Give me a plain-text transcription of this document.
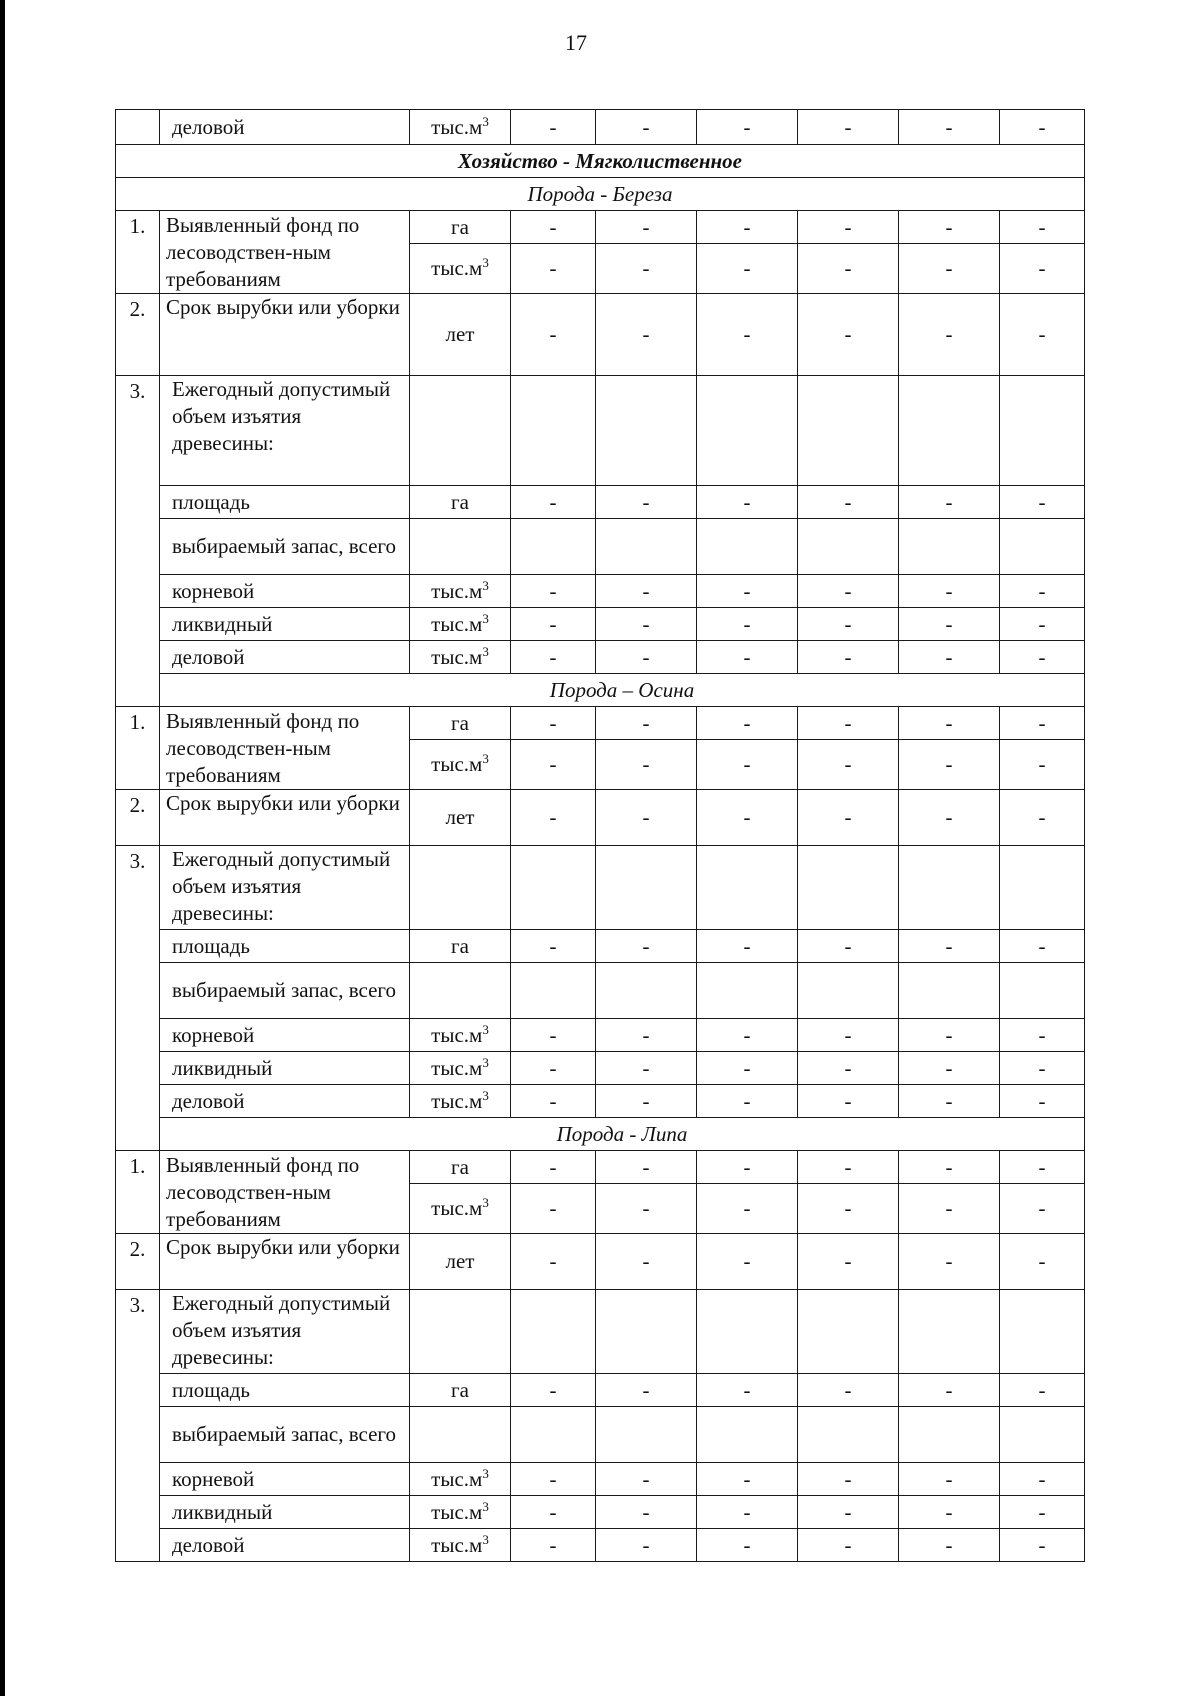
17
	деловой	$тыс.м^3$	-	-	-	-	-	-
Хозяйство - Мягколиственное								
Порода - Береза								
1.	Выявленный фонд по лесоводствен-ным требованиям	га	-	-	-	-	-	-
		$тыс.м^3$	-	-	-	-	-	-
2.	Срок вырубки или уборки	лет	-	-	-	-	-	-
3.	Ежегодный допустимый объем изъятия древесины:							
	площадь	га	-	-	-	-	-	-
	выбираемый запас, всего							
	корневой	$тыс.м^3$	-	-	-	-	-	-
	ликвидный	$тыс.м^3$	-	-	-	-	-	-
	деловой	$тыс.м^3$	-	-	-	-	-	-
	Порода – Осина							
1.	Выявленный фонд по лесоводствен-ным требованиям	га	-	-	-	-	-	-
		$тыс.м^3$	-	-	-	-	-	-
2.	Срок вырубки или уборки	лет	-	-	-	-	-	-
3.	Ежегодный допустимый объем изъятия древесины:							
	площадь	га	-	-	-	-	-	-
	выбираемый запас, всего							
	корневой	$тыс.м^3$	-	-	-	-	-	-
	ликвидный	$тыс.м^3$	-	-	-	-	-	-
	деловой	$тыс.м^3$	-	-	-	-	-	-
	Порода - Липа							
1.	Выявленный фонд по лесоводствен-ным требованиям	га	-	-	-	-	-	-
		$тыс.м^3$	-	-	-	-	-	-
2.	Срок вырубки или уборки	лет	-	-	-	-	-	-
3.	Ежегодный допустимый объем изъятия древесины:							
	площадь	га	-	-	-	-	-	-
	выбираемый запас, всего							
	корневой	$тыс.м^3$	-	-	-	-	-	-
	ликвидный	$тыс.м^3$	-	-	-	-	-	-
	деловой	$тыс.м^3$	-	-	-	-	-	-
